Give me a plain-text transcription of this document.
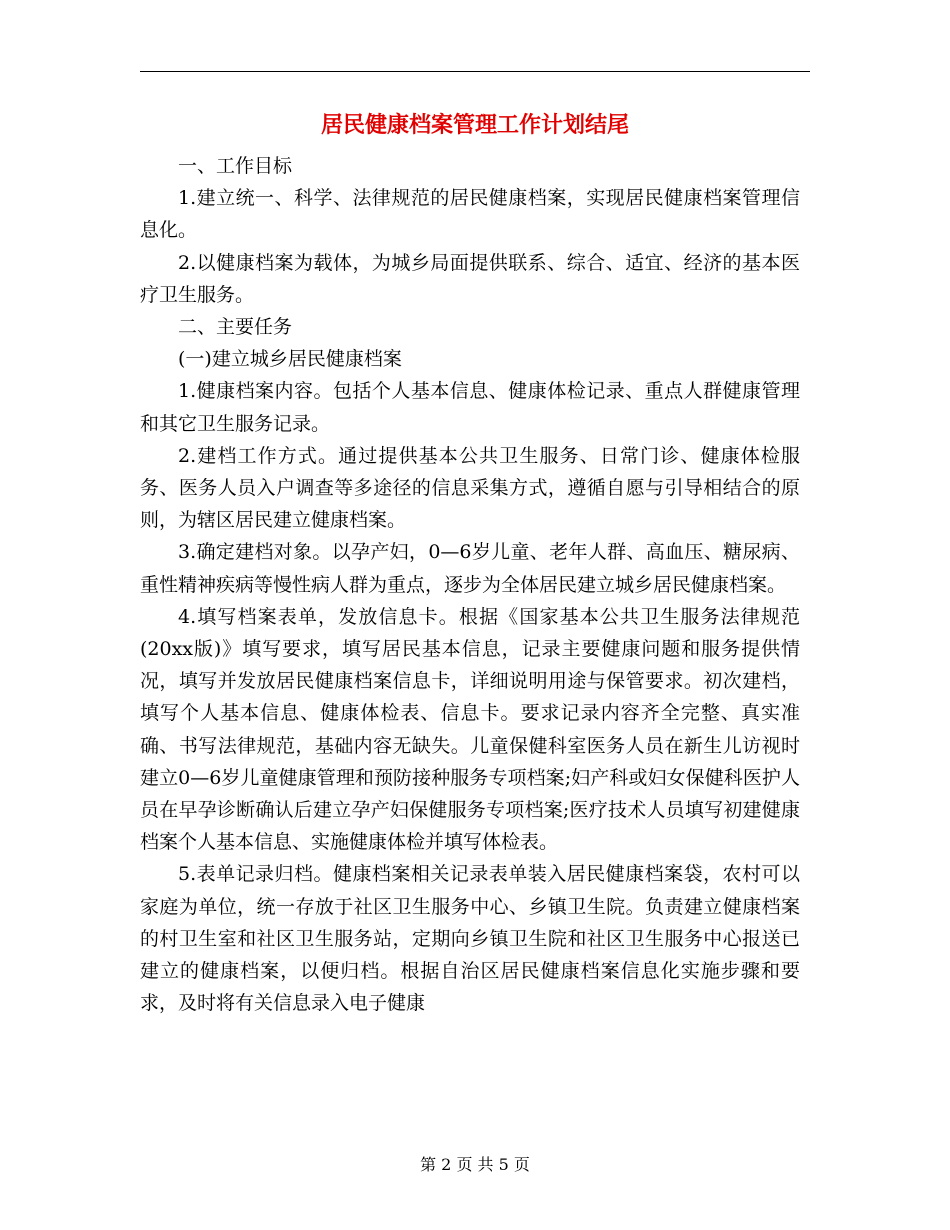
居民健康档案管理工作计划结尾

一、工作目标

1.建立统一、科学、法律规范的居民健康档案，实现居民健康档案管理信息化。

2.以健康档案为载体，为城乡局面提供联系、综合、适宜、经济的基本医疗卫生服务。

二、主要任务

(一)建立城乡居民健康档案

1.健康档案内容。包括个人基本信息、健康体检记录、重点人群健康管理和其它卫生服务记录。

2.建档工作方式。通过提供基本公共卫生服务、日常门诊、健康体检服务、医务人员入户调查等多途径的信息采集方式，遵循自愿与引导相结合的原则，为辖区居民建立健康档案。

3.确定建档对象。以孕产妇，0—6岁儿童、老年人群、高血压、糖尿病、重性精神疾病等慢性病人群为重点，逐步为全体居民建立城乡居民健康档案。

4.填写档案表单，发放信息卡。根据《国家基本公共卫生服务法律规范(20xx版)》填写要求，填写居民基本信息，记录主要健康问题和服务提供情况，填写并发放居民健康档案信息卡，详细说明用途与保管要求。初次建档，填写个人基本信息、健康体检表、信息卡。要求记录内容齐全完整、真实准确、书写法律规范，基础内容无缺失。儿童保健科室医务人员在新生儿访视时建立0—6岁儿童健康管理和预防接种服务专项档案;妇产科或妇女保健科医护人员在早孕诊断确认后建立孕产妇保健服务专项档案;医疗技术人员填写初建健康档案个人基本信息、实施健康体检并填写体检表。

5.表单记录归档。健康档案相关记录表单装入居民健康档案袋，农村可以家庭为单位，统一存放于社区卫生服务中心、乡镇卫生院。负责建立健康档案的村卫生室和社区卫生服务站，定期向乡镇卫生院和社区卫生服务中心报送已建立的健康档案，以便归档。根据自治区居民健康档案信息化实施步骤和要求，及时将有关信息录入电子健康

第 2 页 共 5 页
